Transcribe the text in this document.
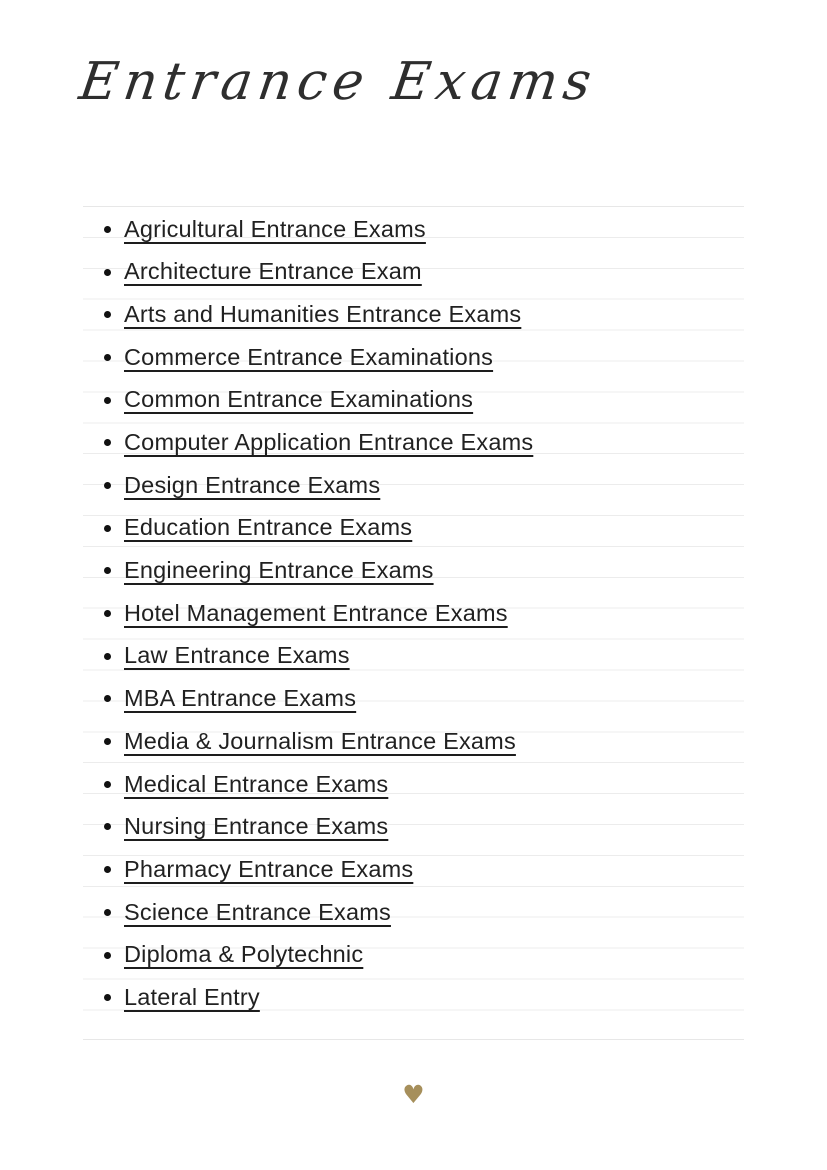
Entrance Exams
Agricultural Entrance Exams
Architecture Entrance Exam
Arts and Humanities Entrance Exams
Commerce Entrance Examinations
Common Entrance Examinations
Computer Application Entrance Exams
Design Entrance Exams
Education Entrance Exams
Engineering Entrance Exams
Hotel Management Entrance Exams
Law Entrance Exams
MBA Entrance Exams
Media & Journalism Entrance Exams
Medical Entrance Exams
Nursing Entrance Exams
Pharmacy Entrance Exams
Science Entrance Exams
Diploma & Polytechnic
Lateral Entry
♥
